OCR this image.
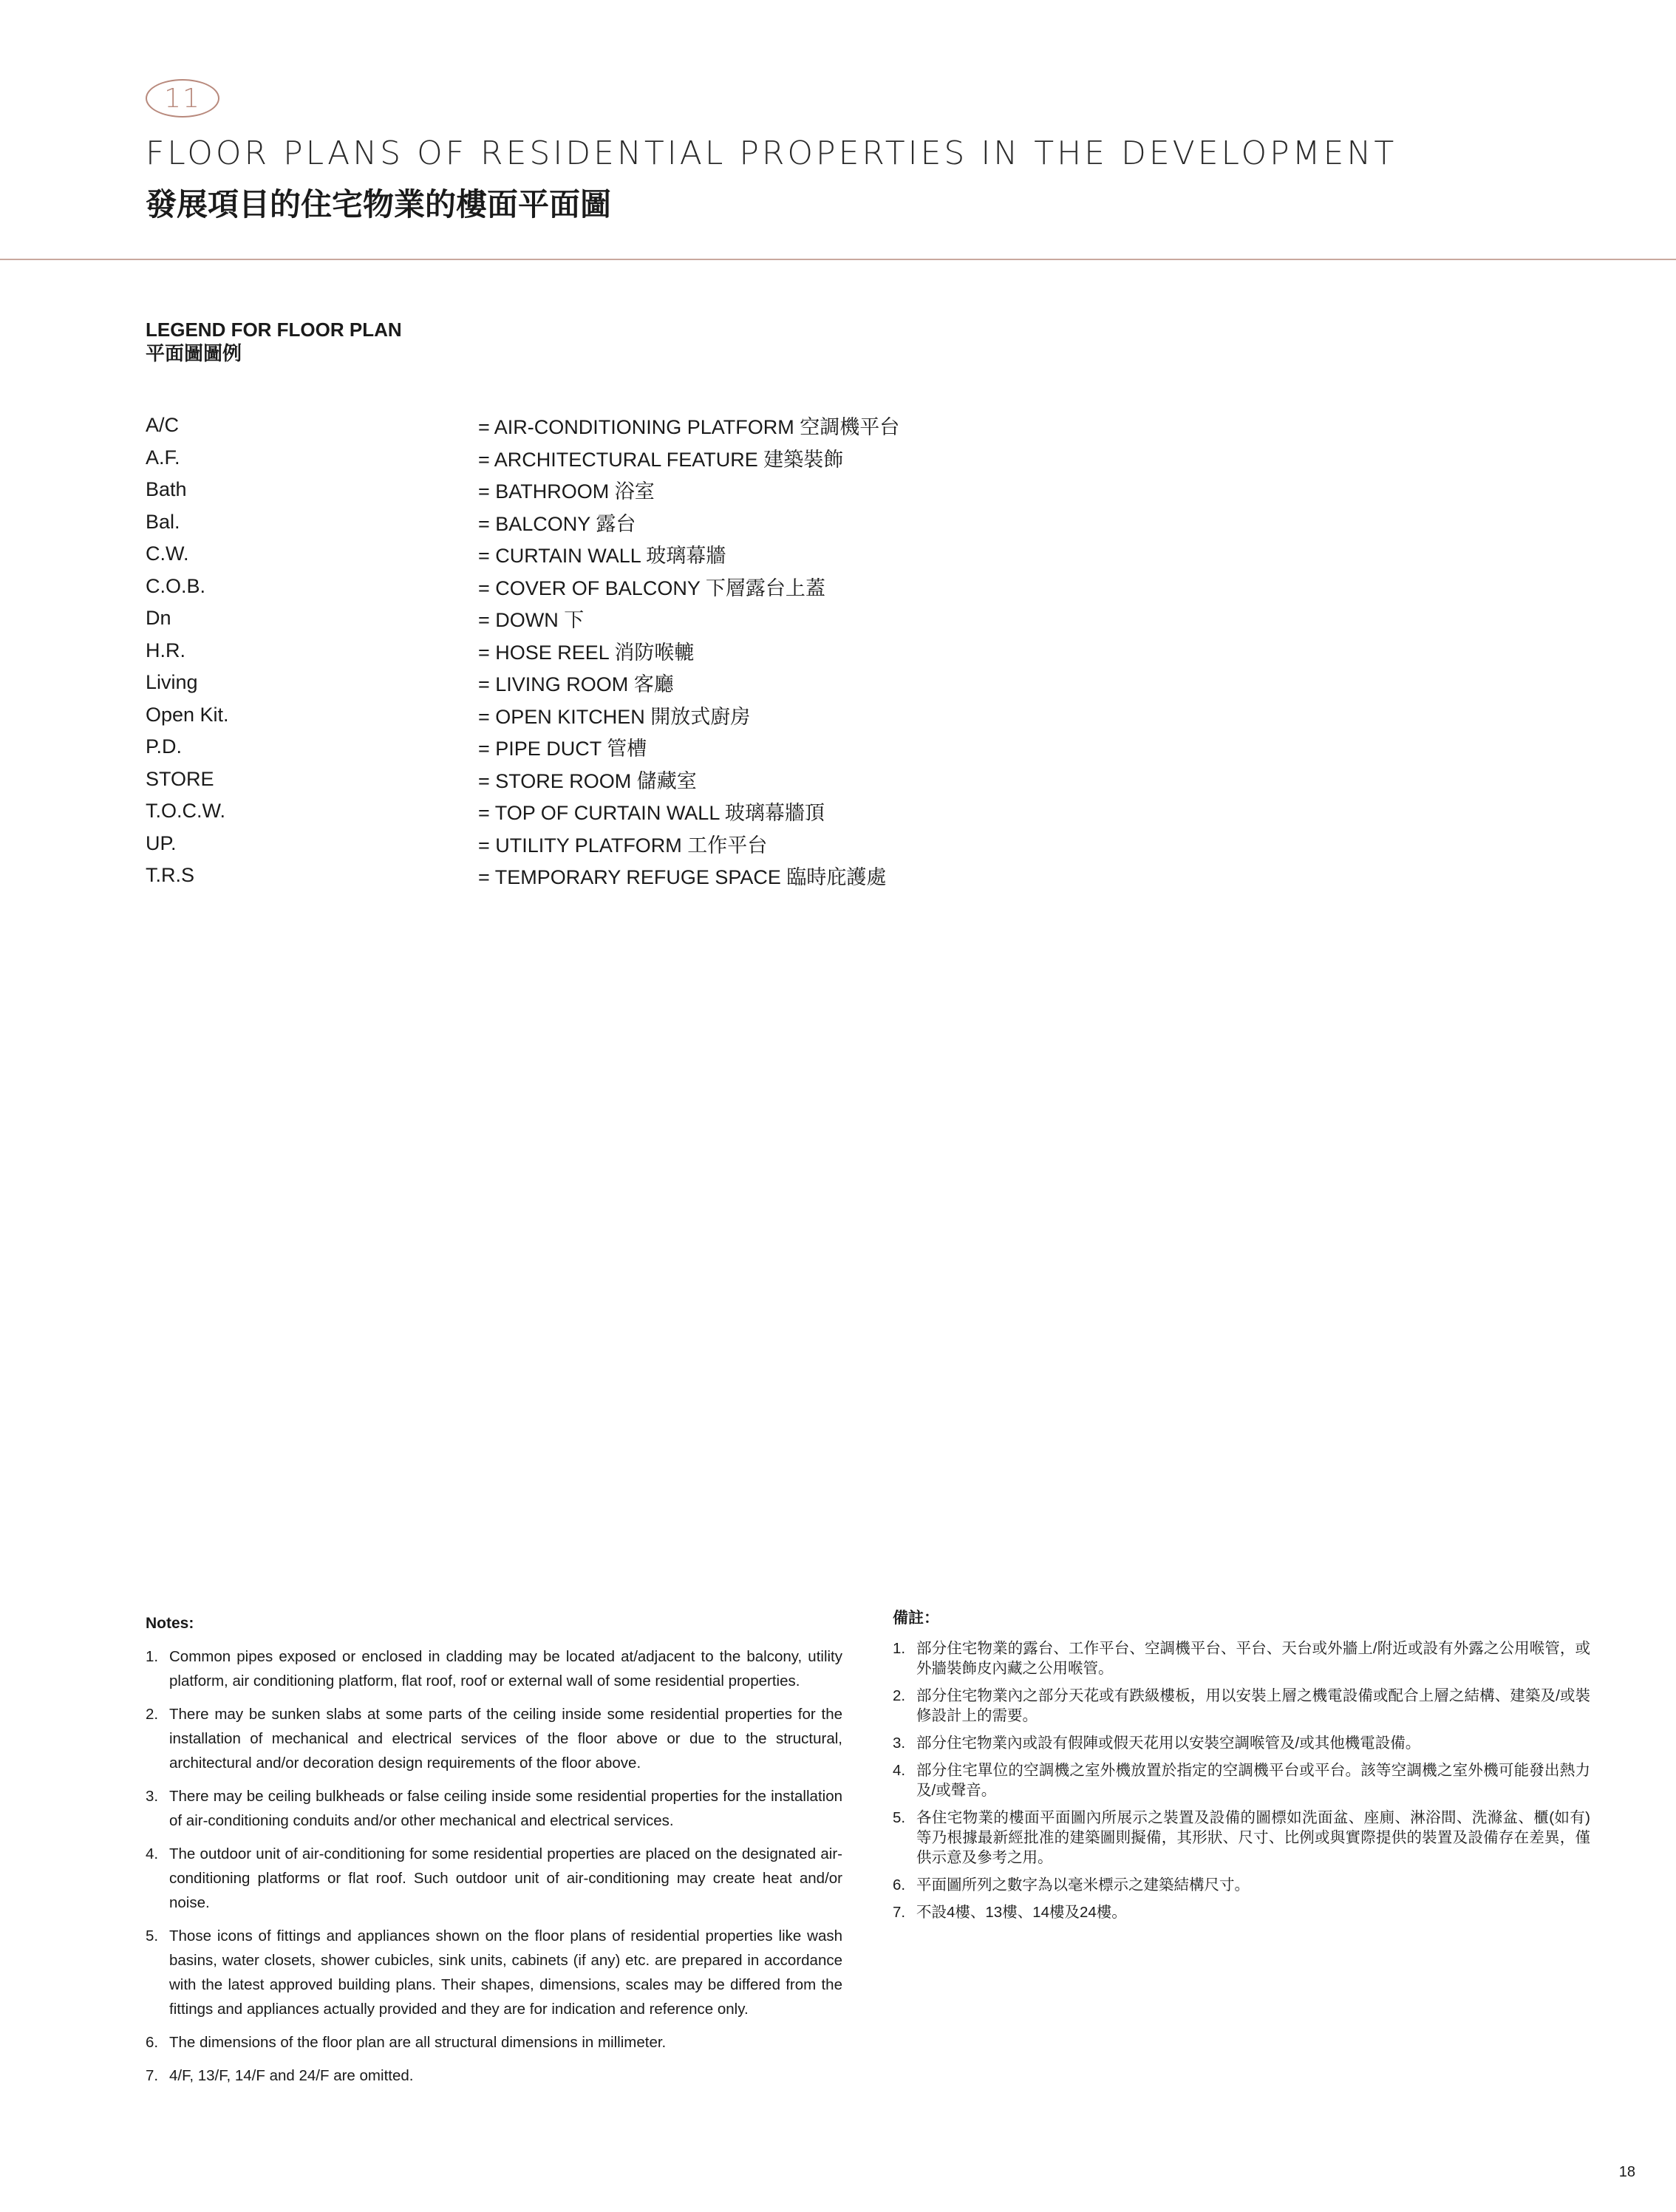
11
FLOOR PLANS OF RESIDENTIAL PROPERTIES IN THE DEVELOPMENT
發展項目的住宅物業的樓面平面圖
LEGEND FOR FLOOR PLAN
平面圖圖例
A/C	= AIR-CONDITIONING PLATFORM 空調機平台
A.F.	= ARCHITECTURAL FEATURE 建築裝飾
Bath	= BATHROOM 浴室
Bal.	= BALCONY 露台
C.W.	= CURTAIN WALL 玻璃幕牆
C.O.B.	= COVER OF BALCONY 下層露台上蓋
Dn	= DOWN 下
H.R.	= HOSE REEL 消防喉轆
Living	= LIVING ROOM 客廳
Open Kit.	= OPEN KITCHEN 開放式廚房
P.D.	= PIPE DUCT 管槽
STORE	= STORE ROOM 儲藏室
T.O.C.W.	= TOP OF CURTAIN WALL 玻璃幕牆頂
UP.	= UTILITY PLATFORM 工作平台
T.R.S	= TEMPORARY REFUGE SPACE 臨時庇護處
Notes:
1. Common pipes exposed or enclosed in cladding may be located at/adjacent to the balcony, utility platform, air conditioning platform, flat roof, roof or external wall of some residential properties.
2. There may be sunken slabs at some parts of the ceiling inside some residential properties for the installation of mechanical and electrical services of the floor above or due to the structural, architectural and/or decoration design requirements of the floor above.
3. There may be ceiling bulkheads or false ceiling inside some residential properties for the installation of air-conditioning conduits and/or other mechanical and electrical services.
4. The outdoor unit of air-conditioning for some residential properties are placed on the designated air-conditioning platforms or flat roof. Such outdoor unit of air-conditioning may create heat and/or noise.
5. Those icons of fittings and appliances shown on the floor plans of residential properties like wash basins, water closets, shower cubicles, sink units, cabinets (if any) etc. are prepared in accordance with the latest approved building plans. Their shapes, dimensions, scales may be differed from the fittings and appliances actually provided and they are for indication and reference only.
6. The dimensions of the floor plan are all structural dimensions in millimeter.
7. 4/F, 13/F, 14/F and 24/F are omitted.
備註：
1. 部分住宅物業的露台、工作平台、空調機平台、平台、天台或外牆上/附近或設有外露之公用喉管，或外牆裝飾皮內藏之公用喉管。
2. 部分住宅物業內之部分天花或有跌級樓板，用以安裝上層之機電設備或配合上層之結構、建築及/或裝修設計上的需要。
3. 部分住宅物業內或設有假陣或假天花用以安裝空調喉管及/或其他機電設備。
4. 部分住宅單位的空調機之室外機放置於指定的空調機平台或平台。該等空調機之室外機可能發出熱力及/或聲音。
5. 各住宅物業的樓面平面圖內所展示之裝置及設備的圖標如洗面盆、座廁、淋浴間、洗滌盆、櫃(如有)等乃根據最新經批准的建築圖則擬備，其形狀、尺寸、比例或與實際提供的裝置及設備存在差異，僅供示意及參考之用。
6. 平面圖所列之數字為以毫米標示之建築結構尺寸。
7. 不設4樓、13樓、14樓及24樓。
18
